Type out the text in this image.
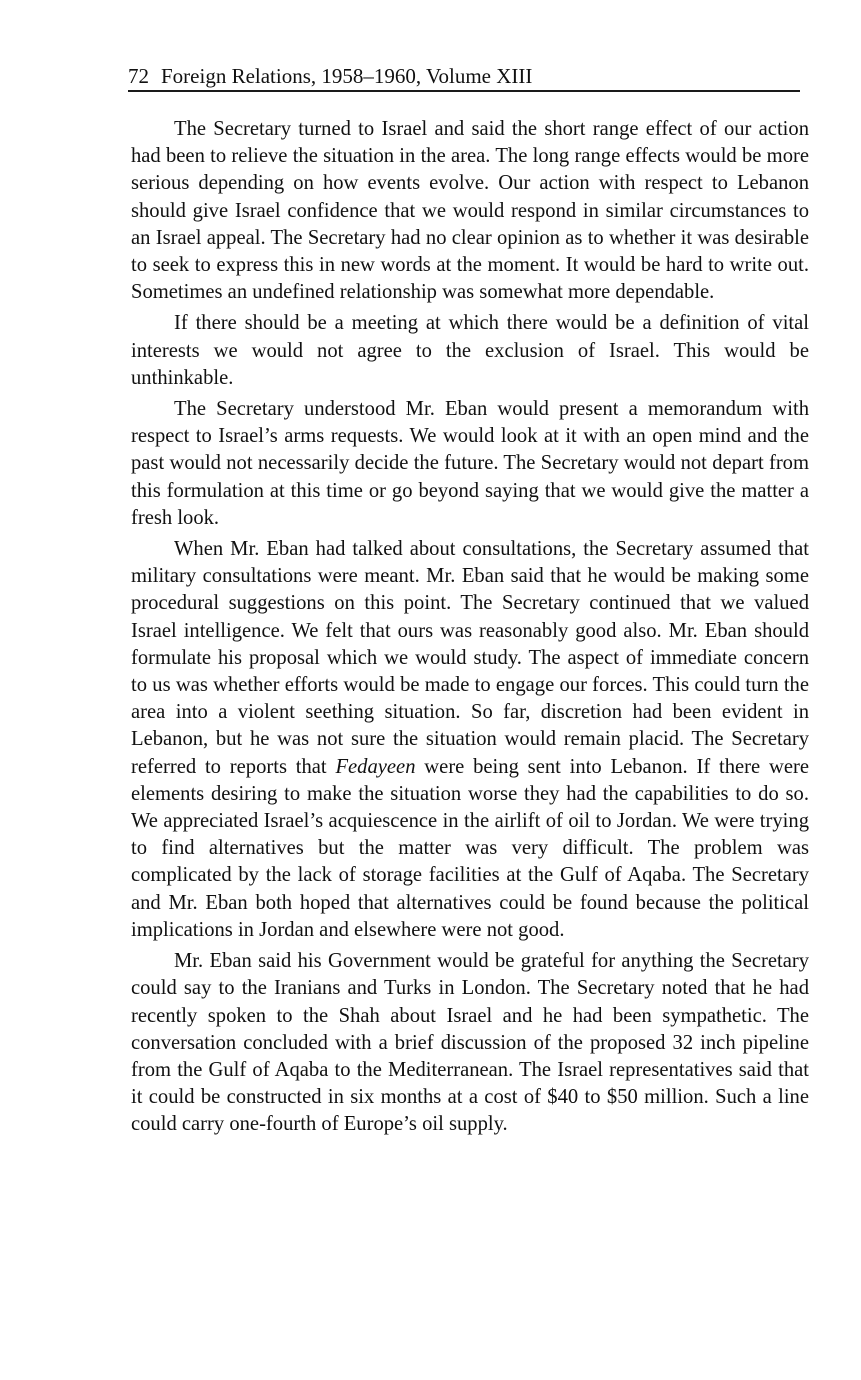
72 Foreign Relations, 1958–1960, Volume XIII

The Secretary turned to Israel and said the short range effect of our action had been to relieve the situation in the area. The long range effects would be more serious depending on how events evolve. Our action with respect to Lebanon should give Israel confidence that we would respond in similar circumstances to an Israel appeal. The Secretary had no clear opinion as to whether it was desirable to seek to express this in new words at the moment. It would be hard to write out. Sometimes an undefined relationship was somewhat more dependable.

If there should be a meeting at which there would be a definition of vital interests we would not agree to the exclusion of Israel. This would be unthinkable.

The Secretary understood Mr. Eban would present a memorandum with respect to Israel’s arms requests. We would look at it with an open mind and the past would not necessarily decide the future. The Secretary would not depart from this formulation at this time or go beyond saying that we would give the matter a fresh look.

When Mr. Eban had talked about consultations, the Secretary assumed that military consultations were meant. Mr. Eban said that he would be making some procedural suggestions on this point. The Secretary continued that we valued Israel intelligence. We felt that ours was reasonably good also. Mr. Eban should formulate his proposal which we would study. The aspect of immediate concern to us was whether efforts would be made to engage our forces. This could turn the area into a violent seething situation. So far, discretion had been evident in Lebanon, but he was not sure the situation would remain placid. The Secretary referred to reports that Fedayeen were being sent into Lebanon. If there were elements desiring to make the situation worse they had the capabilities to do so. We appreciated Israel’s acquiescence in the airlift of oil to Jordan. We were trying to find alternatives but the matter was very difficult. The problem was complicated by the lack of storage facilities at the Gulf of Aqaba. The Secretary and Mr. Eban both hoped that alternatives could be found because the political implications in Jordan and elsewhere were not good.

Mr. Eban said his Government would be grateful for anything the Secretary could say to the Iranians and Turks in London. The Secretary noted that he had recently spoken to the Shah about Israel and he had been sympathetic. The conversation concluded with a brief discussion of the proposed 32 inch pipeline from the Gulf of Aqaba to the Mediterranean. The Israel representatives said that it could be constructed in six months at a cost of $40 to $50 million. Such a line could carry one-fourth of Europe’s oil supply.
